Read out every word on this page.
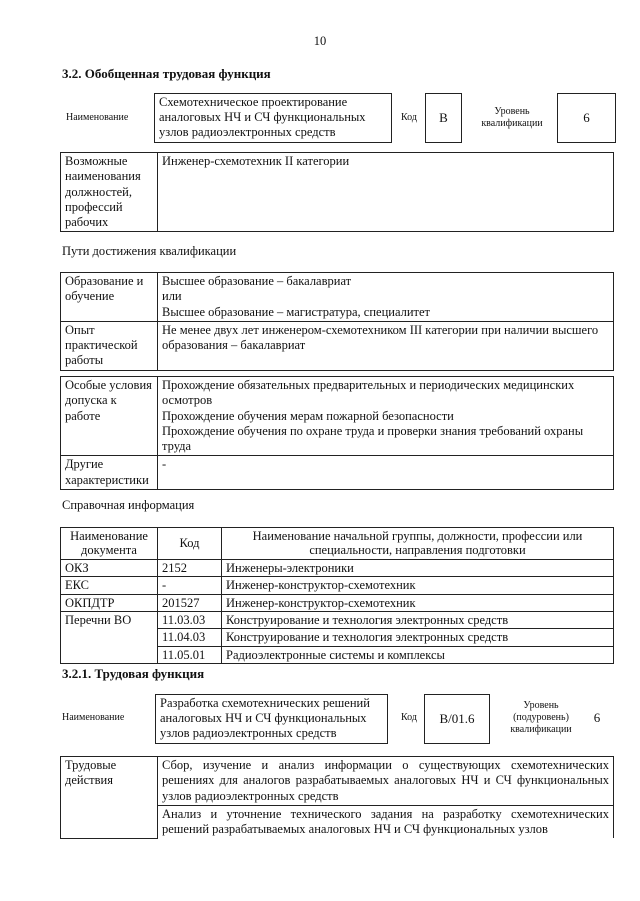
10
3.2. Обобщенная трудовая функция
Наименование
Схемотехническое проектирование аналоговых НЧ и СЧ функциональных узлов радиоэлектронных средств
Код	B	Уровень квалификации	6
Возможные наименования должностей, профессий рабочих	Инженер-схемотехник II категории
Пути достижения квалификации
Образование и обучение	Высшее образование – бакалавриат
или
Высшее образование – магистратура, специалитет

Опыт практической работы	Не менее двух лет инженером-схемотехником III категории при наличии высшего образования – бакалавриат
Особые условия допуска к работе	Прохождение обязательных предварительных и периодических медицинских осмотров
Прохождение обучения мерам пожарной безопасности
Прохождение обучения по охране труда и проверки знания требований охраны труда

Другие характеристики	-
Справочная информация
Наименование документа	Код	Наименование начальной группы, должности, профессии или специальности, направления подготовки
ОКЗ	2152	Инженеры-электроники
ЕКС	-	Инженер-конструктор-схемотехник
ОКПДТР	201527	Инженер-конструктор-схемотехник
Перечни ВО	11.03.03	Конструирование и технология электронных средств
	11.04.03	Конструирование и технология электронных средств
	11.05.01	Радиоэлектронные системы и комплексы
3.2.1. Трудовая функция
Наименование
Разработка схемотехнических решений аналоговых НЧ и СЧ функциональных узлов радиоэлектронных средств
Код	B/01.6
Уровень (подуровень) квалификации
6
Трудовые действия	Сбор, изучение и анализ информации о существующих схемотехнических решениях для аналогов разрабатываемых аналоговых НЧ и СЧ функциональных узлов радиоэлектронных средств
Анализ и уточнение технического задания на разработку схемотехнических решений разрабатываемых аналоговых НЧ и СЧ функциональных узлов
